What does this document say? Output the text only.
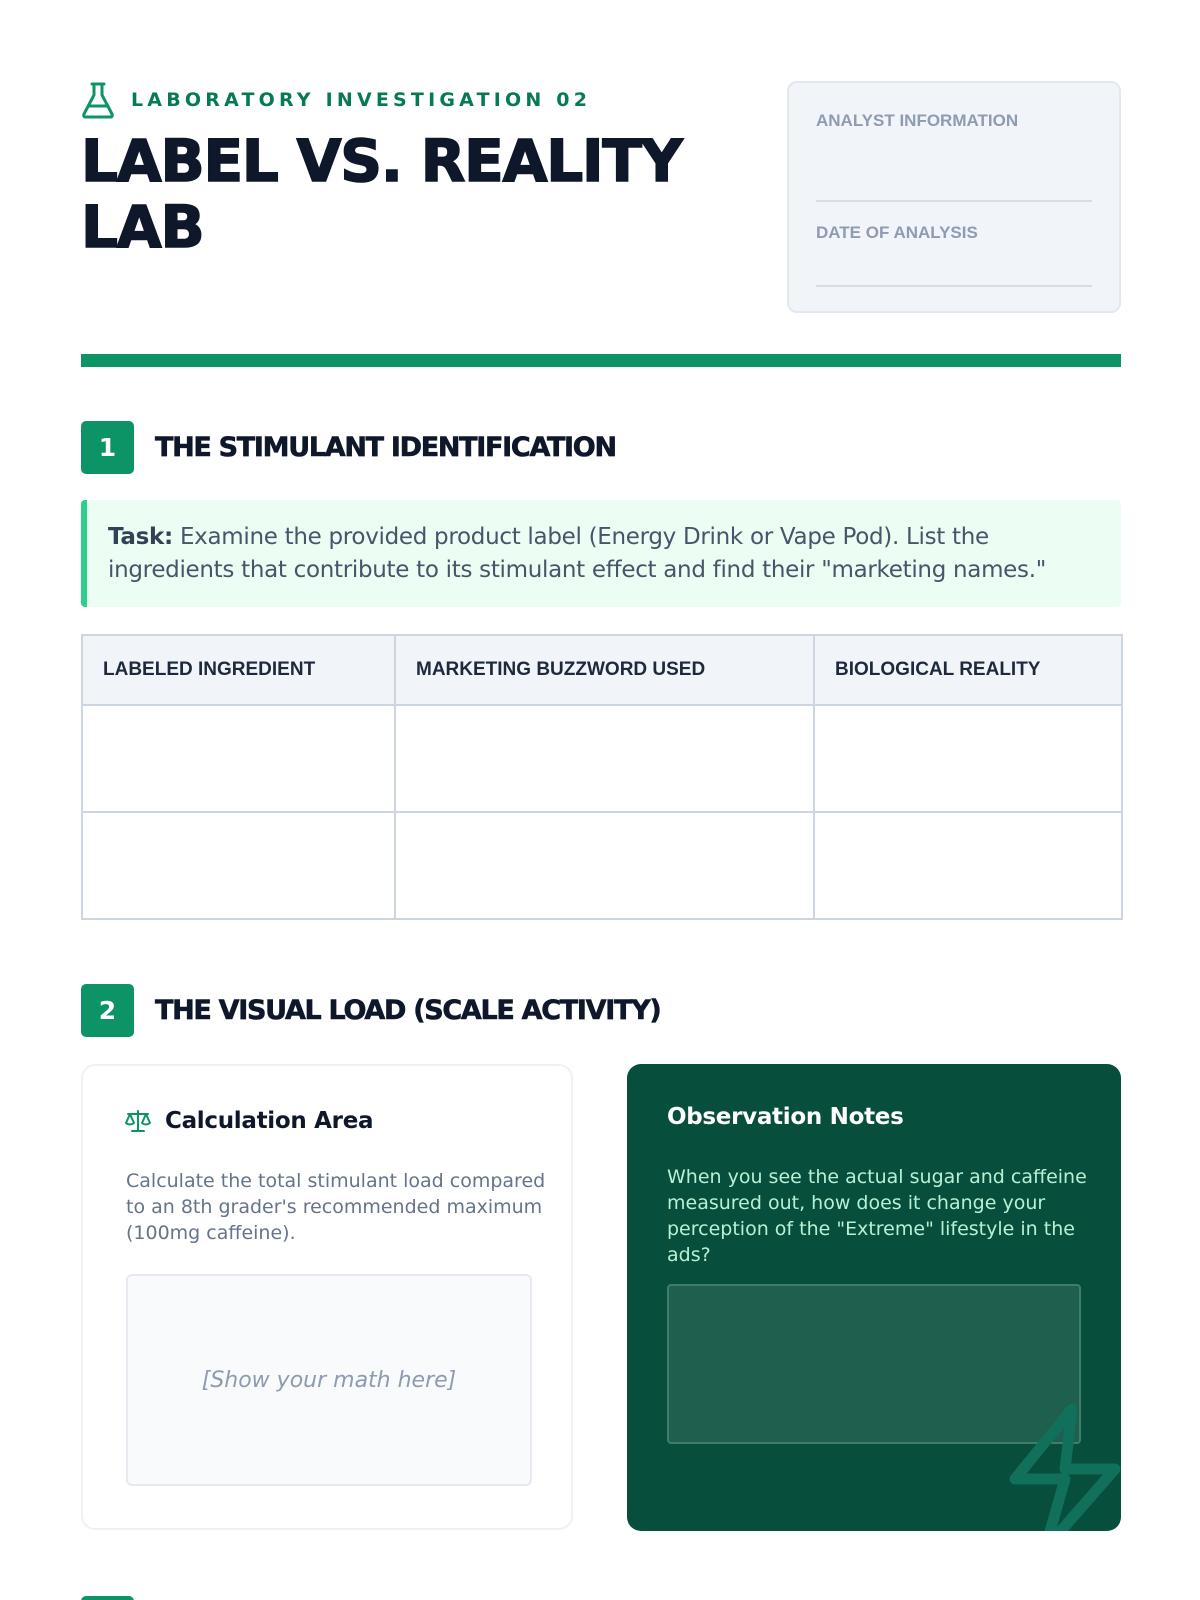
LABORATORY INVESTIGATION 02
LABEL VS. REALITY
LAB
ANALYST INFORMATION
DATE OF ANALYSIS
1	THE STIMULANT IDENTIFICATION
Task: Examine the provided product label (Energy Drink or Vape Pod). List the ingredients that contribute to its stimulant effect and find their "marketing names."
LABELED INGREDIENT	MARKETING BUZZWORD USED	BIOLOGICAL REALITY

2	THE VISUAL LOAD (SCALE ACTIVITY)
Calculation Area

Calculate the total stimulant load compared to an 8th grader's recommended maximum (100mg caffeine).

[Show your math here]
Observation Notes

When you see the actual sugar and caffeine measured out, how does it change your perception of the "Extreme" lifestyle in the ads?
